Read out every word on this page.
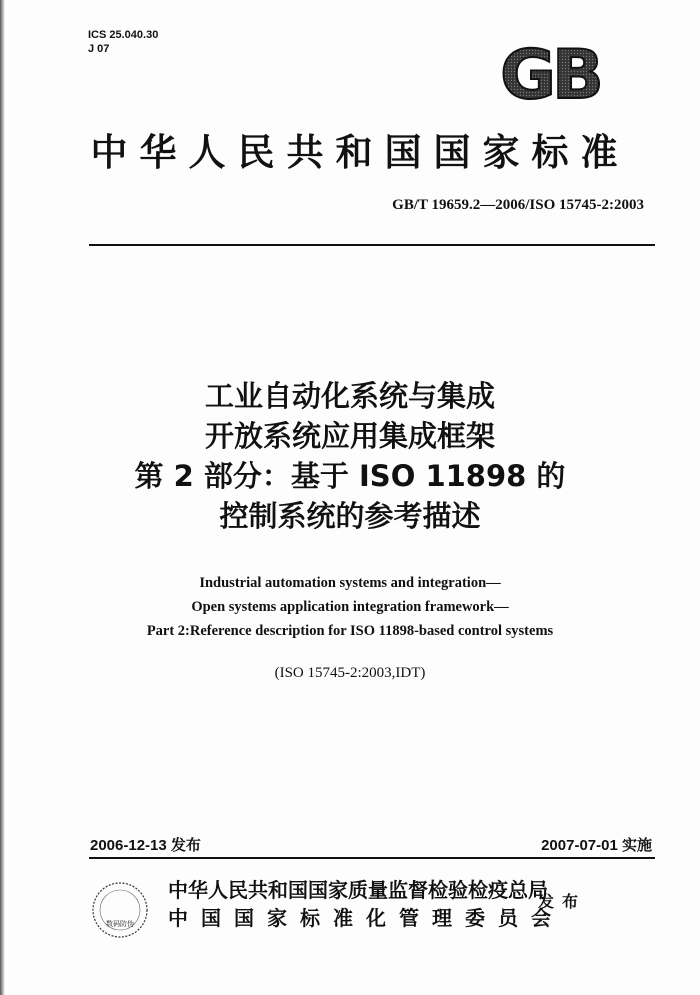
ICS 25.040.30
J 07	GB
中华人民共和国国家标准
GB/T 19659.2—2006/ISO 15745-2:2003
工业自动化系统与集成
开放系统应用集成框架
第 2 部分：基于 ISO 11898 的
控制系统的参考描述
Industrial automation systems and integration—
Open systems application integration framework—
Part 2:Reference description for ISO 11898-based control systems
(ISO 15745-2:2003,IDT)
2006-12-13 发布	2007-07-01 实施
数码防伪
中华人民共和国国家质量监督检验检疫总局
中国国家标准化管理委员会
发布
